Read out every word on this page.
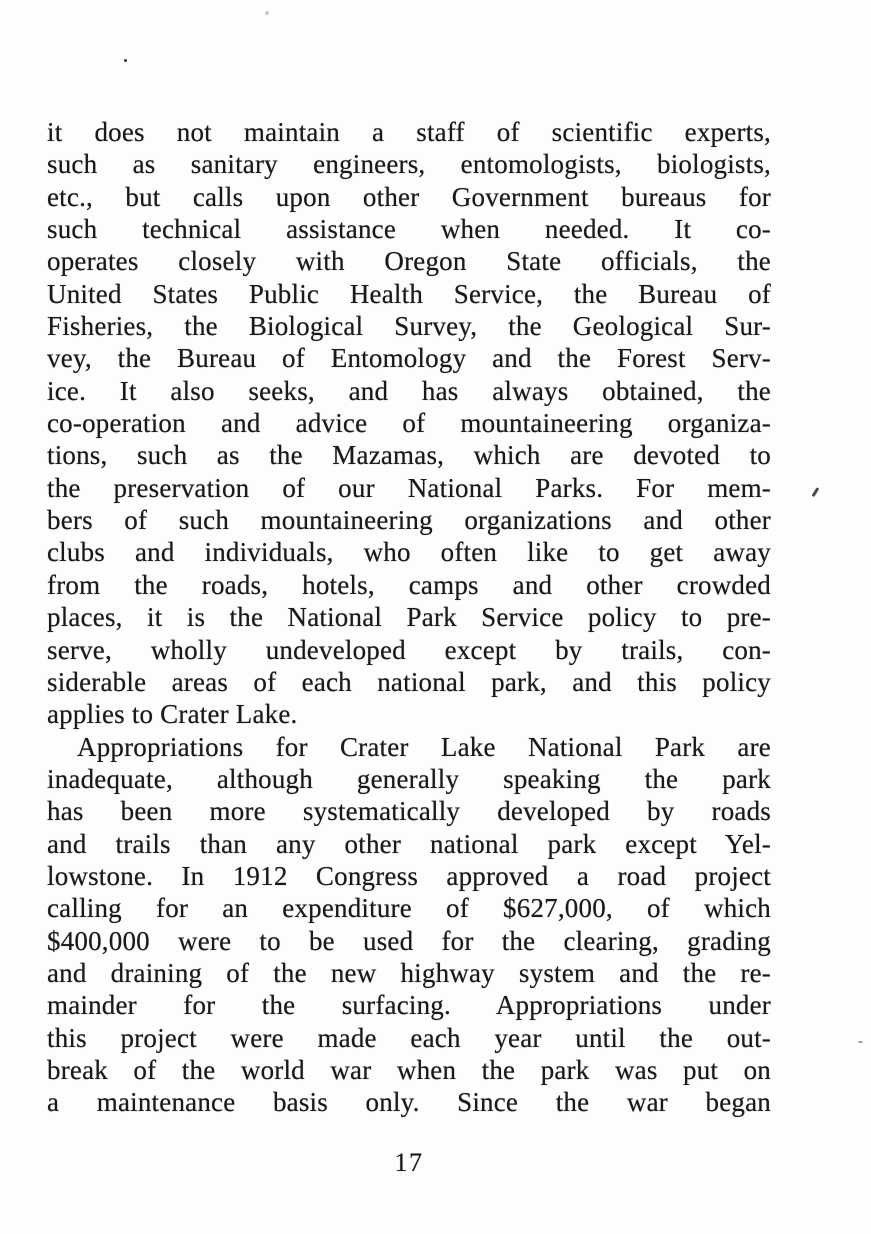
it does not maintain a staff of scientific experts,
such as sanitary engineers, entomologists, biologists,
etc., but calls upon other Government bureaus for
such technical assistance when needed. It co-
operates closely with Oregon State officials, the
United States Public Health Service, the Bureau of
Fisheries, the Biological Survey, the Geological Sur-
vey, the Bureau of Entomology and the Forest Serv-
ice. It also seeks, and has always obtained, the
co-operation and advice of mountaineering organiza-
tions, such as the Mazamas, which are devoted to
the preservation of our National Parks. For mem-
bers of such mountaineering organizations and other
clubs and individuals, who often like to get away
from the roads, hotels, camps and other crowded
places, it is the National Park Service policy to pre-
serve, wholly undeveloped except by trails, con-
siderable areas of each national park, and this policy
applies to Crater Lake.
Appropriations for Crater Lake National Park are
inadequate, although generally speaking the park
has been more systematically developed by roads
and trails than any other national park except Yel-
lowstone. In 1912 Congress approved a road project
calling for an expenditure of $627,000, of which
$400,000 were to be used for the clearing, grading
and draining of the new highway system and the re-
mainder for the surfacing. Appropriations under
this project were made each year until the out-
break of the world war when the park was put on
a maintenance basis only. Since the war began
17
